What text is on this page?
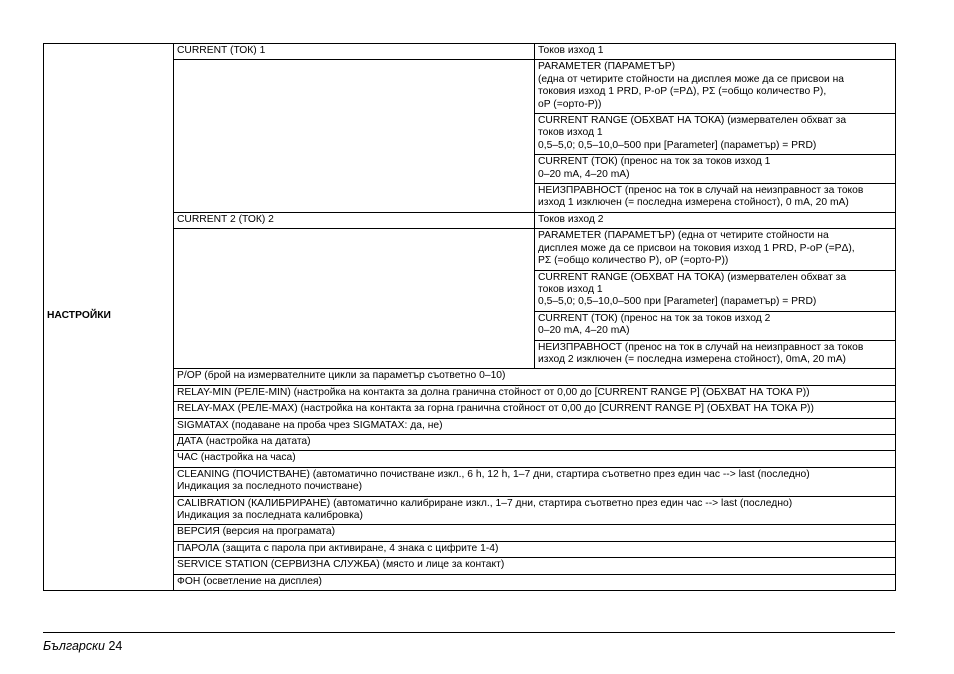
НАСТРОЙКИ	CURRENT (ТОК) 1	Токов изход 1

		PARAMETER (ПАРАМЕТЪР)
(една от четирите стойности на дисплея може да се присвои на
токовия изход 1 PRD, P-oP (=PΔ), PΣ (=общо количество P),
oP (=орто-P))

		CURRENT RANGE (ОБХВАТ НА ТОКА) (измервателен обхват за
токов изход 1
0,5–5,0; 0,5–10,0–500 при [Parameter] (параметър) = PRD)

		CURRENT (ТОК) (пренос на ток за токов изход 1
0–20 mA, 4–20 mA)

		НЕИЗПРАВНОСТ (пренос на ток в случай на неизправност за токов
изход 1 изключен (= последна измерена стойност), 0 mA, 20 mA)

	CURRENT 2 (ТОК) 2	Токов изход 2

		PARAMETER (ПАРАМЕТЪР) (една от четирите стойности на
дисплея може да се присвои на токовия изход 1 PRD, P-oP (=PΔ),
PΣ (=общо количество P), oP (=орто-P))

		CURRENT RANGE (ОБХВАТ НА ТОКА) (измервателен обхват за
токов изход 1
0,5–5,0; 0,5–10,0–500 при [Parameter] (параметър) = PRD)

		CURRENT (ТОК) (пренос на ток за токов изход 2
0–20 mA, 4–20 mA)

		НЕИЗПРАВНОСТ (пренос на ток в случай на неизправност за токов
изход 2 изключен (= последна измерена стойност), 0mA, 20 mA)

	P/OP (брой на измервателните цикли за параметър съответно 0–10)	

	RELAY-MIN (РЕЛЕ-MIN) (настройка на контакта за долна гранична стойност от 0,00 до [CURRENT RANGE P] (ОБХВАТ НА ТОКА P))	

	RELAY-MAX (РЕЛЕ-MAX) (настройка на контакта за горна гранична стойност от 0,00 до [CURRENT RANGE P] (ОБХВАТ НА ТОКА P))	

	SIGMATAX (подаване на проба чрез SIGMATAX: да, не)	

	ДАТА (настройка на датата)	

	ЧАС (настройка на часа)	

	CLEANING (ПОЧИСТВАНЕ) (автоматично почистване изкл., 6 h, 12 h, 1–7 дни, стартира съответно през един час --> last (последно)
Индикация за последното почистване)	

	CALIBRATION (КАЛИБРИРАНЕ) (автоматично калибриране изкл., 1–7 дни, стартира съответно през един час --> last (последно)
Индикация за последната калибровка)	

	ВЕРСИЯ (версия на програмата)	

	ПАРОЛА (защита с парола при активиране, 4 знака с цифрите 1-4)	

	SERVICE STATION (СЕРВИЗНА СЛУЖБА) (място и лице за контакт)	

	ФОН (осветление на дисплея)	
Български 24
